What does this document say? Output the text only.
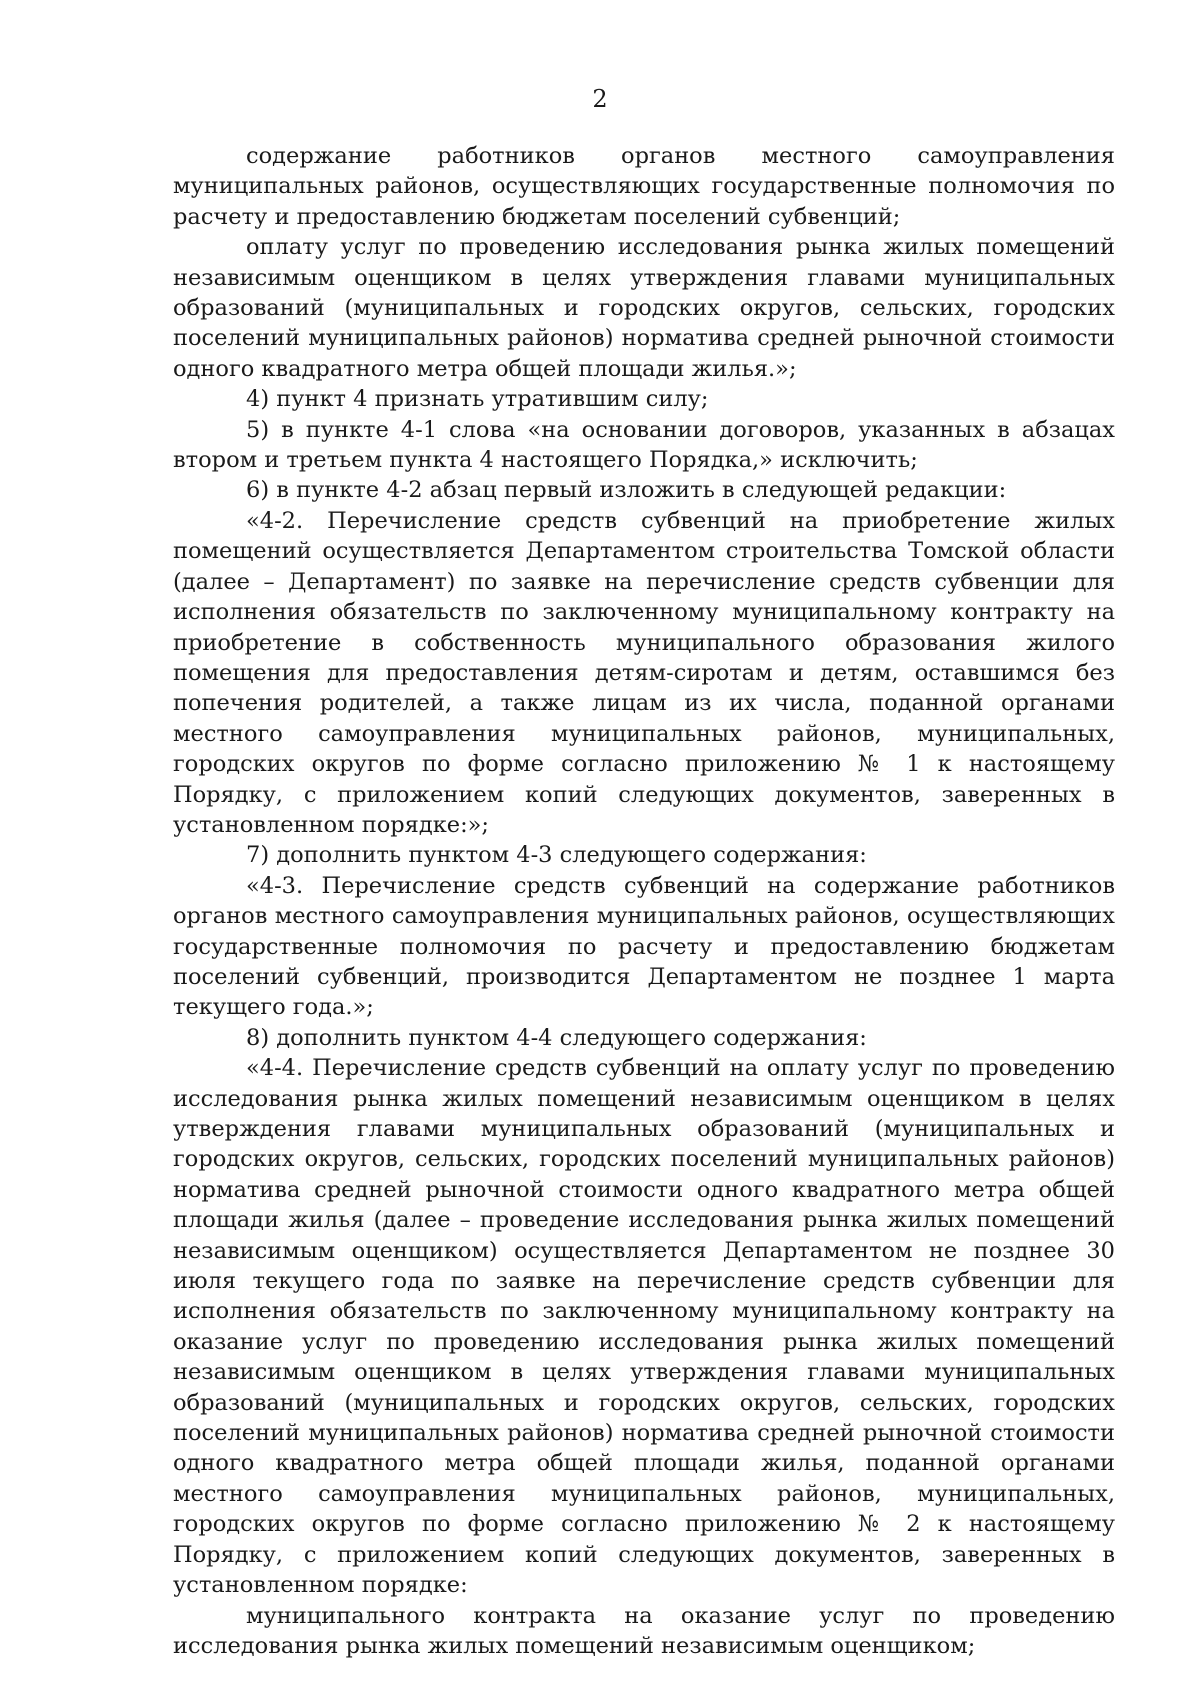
2

содержание работников органов местного самоуправления муниципальных районов, осуществляющих государственные полномочия по расчету и предоставлению бюджетам поселений субвенций;

оплату услуг по проведению исследования рынка жилых помещений независимым оценщиком в целях утверждения главами муниципальных образований (муниципальных и городских округов, сельских, городских поселений муниципальных районов) норматива средней рыночной стоимости одного квадратного метра общей площади жилья.»;

4) пункт 4 признать утратившим силу;

5) в пункте 4-1 слова «на основании договоров, указанных в абзацах втором и третьем пункта 4 настоящего Порядка,» исключить;

6) в пункте 4-2 абзац первый изложить в следующей редакции:

«4-2. Перечисление средств субвенций на приобретение жилых помещений осуществляется Департаментом строительства Томской области (далее – Департамент) по заявке на перечисление средств субвенции для исполнения обязательств по заключенному муниципальному контракту на приобретение в собственность муниципального образования жилого помещения для предоставления детям-сиротам и детям, оставшимся без попечения родителей, а также лицам из их числа, поданной органами местного самоуправления муниципальных районов, муниципальных, городских округов по форме согласно приложению № 1 к настоящему Порядку, с приложением копий следующих документов, заверенных в установленном порядке:»;

7) дополнить пунктом 4-3 следующего содержания:

«4-3. Перечисление средств субвенций на содержание работников органов местного самоуправления муниципальных районов, осуществляющих государственные полномочия по расчету и предоставлению бюджетам поселений субвенций, производится Департаментом не позднее 1 марта текущего года.»;

8) дополнить пунктом 4-4 следующего содержания:

«4-4. Перечисление средств субвенций на оплату услуг по проведению исследования рынка жилых помещений независимым оценщиком в целях утверждения главами муниципальных образований (муниципальных и городских округов, сельских, городских поселений муниципальных районов) норматива средней рыночной стоимости одного квадратного метра общей площади жилья (далее – проведение исследования рынка жилых помещений независимым оценщиком) осуществляется Департаментом не позднее 30 июля текущего года по заявке на перечисление средств субвенции для исполнения обязательств по заключенному муниципальному контракту на оказание услуг по проведению исследования рынка жилых помещений независимым оценщиком в целях утверждения главами муниципальных образований (муниципальных и городских округов, сельских, городских поселений муниципальных районов) норматива средней рыночной стоимости одного квадратного метра общей площади жилья, поданной органами местного самоуправления муниципальных районов, муниципальных, городских округов по форме согласно приложению № 2 к настоящему Порядку, с приложением копий следующих документов, заверенных в установленном порядке:

муниципального контракта на оказание услуг по проведению исследования рынка жилых помещений независимым оценщиком;
